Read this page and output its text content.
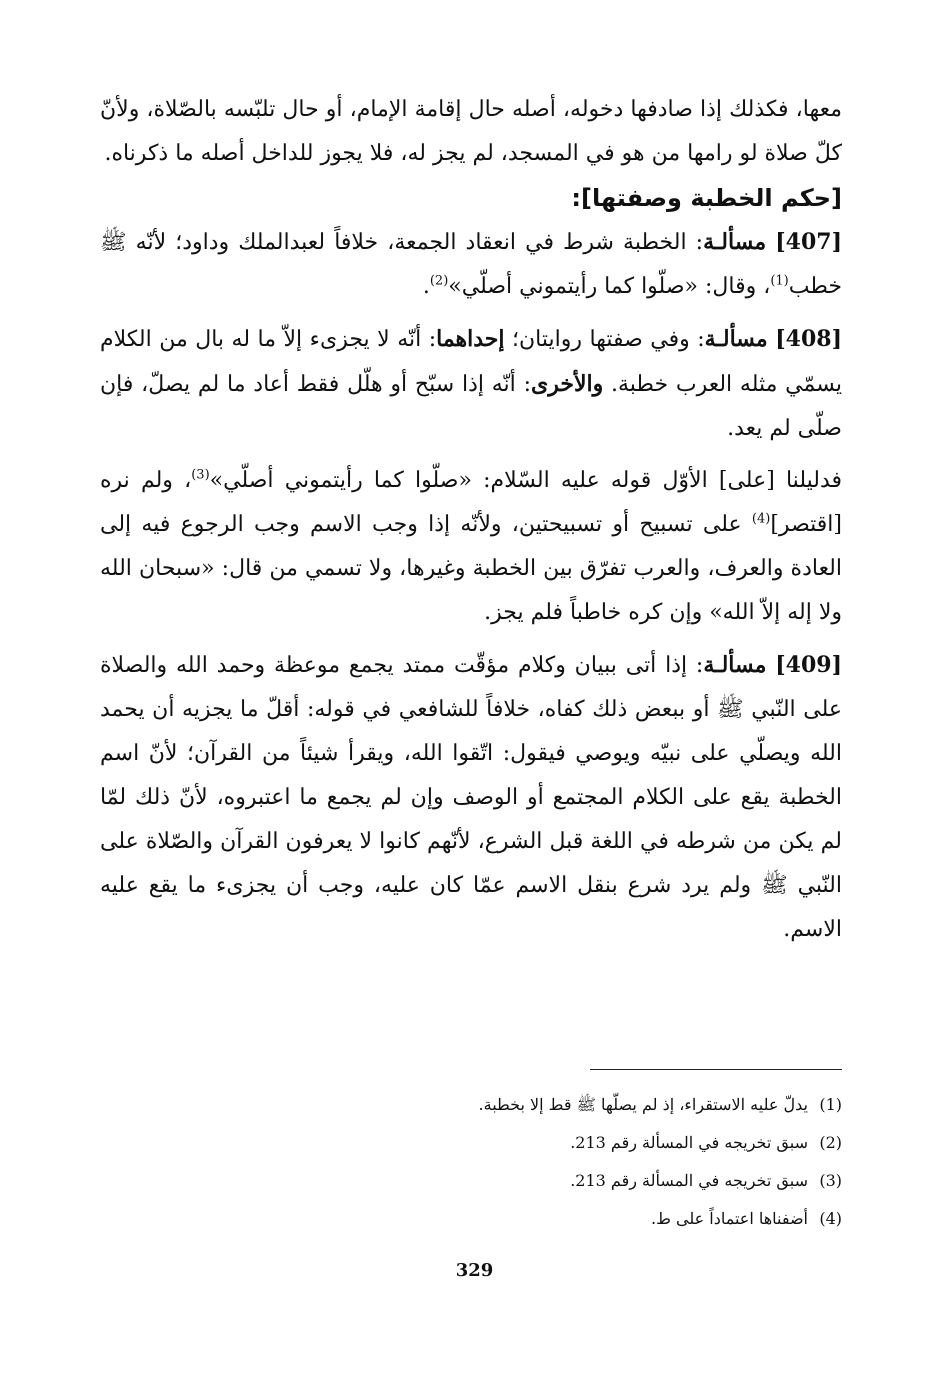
معها، فكذلك إذا صادفها دخوله، أصله حال إقامة الإمام، أو حال تلبّسه بالصّلاة، ولأنّ كلّ صلاة لو رامها من هو في المسجد، لم يجز له، فلا يجوز للداخل أصله ما ذكرناه.

[حكم الخطبة وصفتها]:

[407] مسألـة: الخطبة شرط في انعقاد الجمعة، خلافاً لعبدالملك وداود؛ لأنّه ﷺ خطب$^{(1)}$، وقال: «صلّوا كما رأيتموني أصلّي»$^{(2)}$.

[408] مسألـة: وفي صفتها روايتان؛ إحداهما: أنّه لا يجزىء إلاّ ما له بال من الكلام يسمّي مثله العرب خطبة. والأخرى: أنّه إذا سبّح أو هلّل فقط أعاد ما لم يصلّ، فإن صلّى لم يعد.

فدليلنا [على] الأوّل قوله عليه السّلام: «صلّوا كما رأيتموني أصلّي»$^{(3)}$، ولم نره [اقتصر]$^{(4)}$ على تسبيح أو تسبيحتين، ولأنّه إذا وجب الاسم وجب الرجوع فيه إلى العادة والعرف، والعرب تفرّق بين الخطبة وغيرها، ولا تسمي من قال: «سبحان الله ولا إله إلاّ الله» وإن كره خاطباً فلم يجز.

[409] مسألـة: إذا أتى ببيان وكلام مؤقّت ممتد يجمع موعظة وحمد الله والصلاة على النّبي ﷺ أو ببعض ذلك كفاه، خلافاً للشافعي في قوله: أقلّ ما يجزيه أن يحمد الله ويصلّي على نبيّه ويوصي فيقول: اتّقوا الله، ويقرأ شيئاً من القرآن؛ لأنّ اسم الخطبة يقع على الكلام المجتمع أو الوصف وإن لم يجمع ما اعتبروه، لأنّ ذلك لمّا لم يكن من شرطه في اللغة قبل الشرع، لأنّهم كانوا لا يعرفون القرآن والصّلاة على النّبي ﷺ ولم يرد شرع بنقل الاسم عمّا كان عليه، وجب أن يجزىء ما يقع عليه الاسم.

(1)يدلّ عليه الاستقراء، إذ لم يصلّها ﷺ قط إلا بخطبة.

(2)سبق تخريجه في المسألة رقم 213.

(3)سبق تخريجه في المسألة رقم 213.

(4)أضفناها اعتماداً على ط.

329
